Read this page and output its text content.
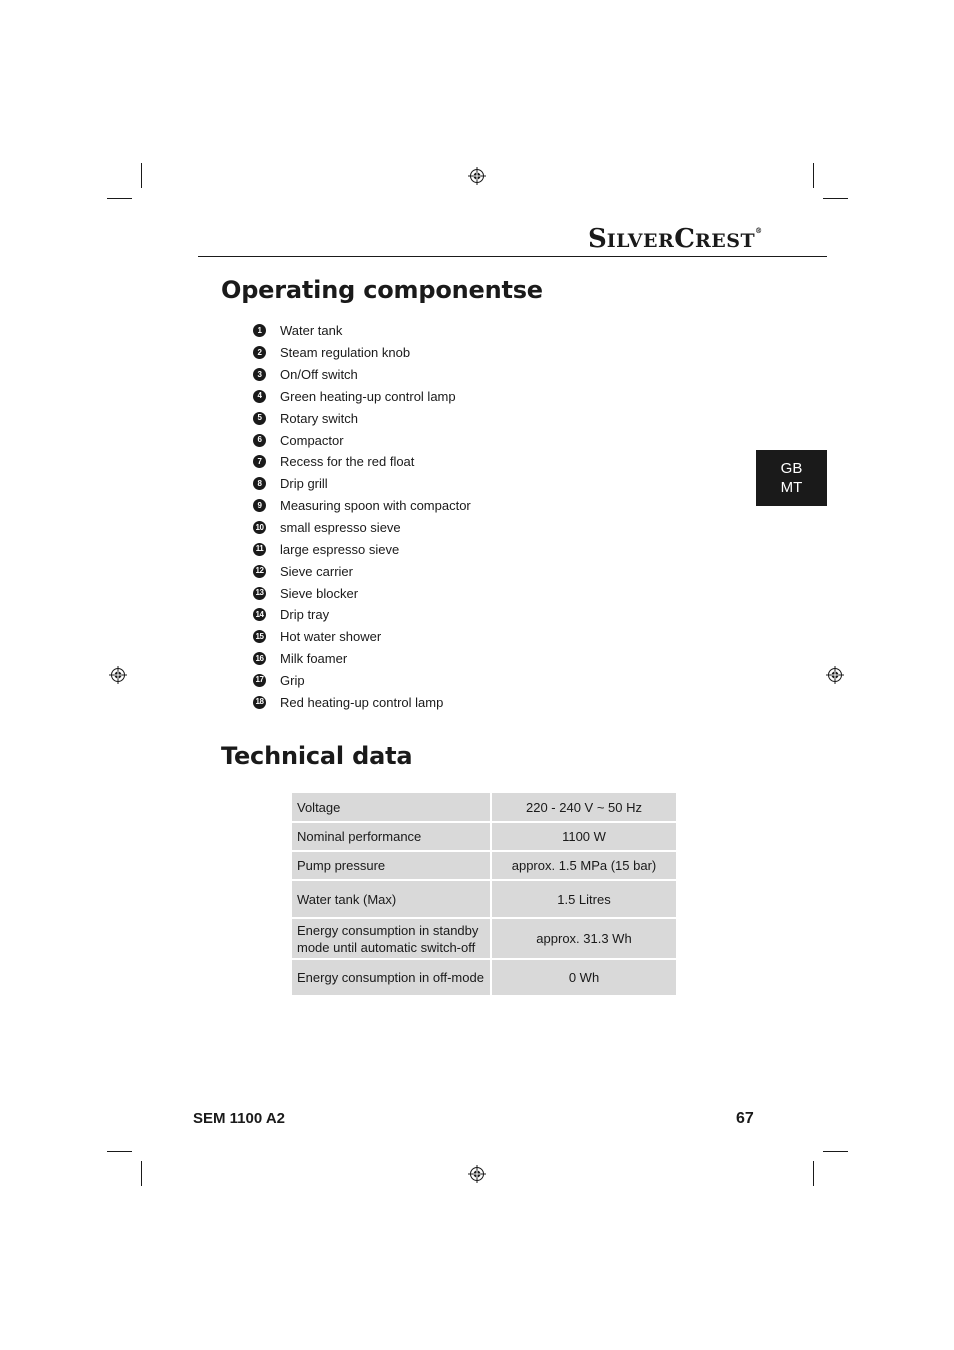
SILVERCREST®
GB
MT
Operating componentse
1	Water tank
2	Steam regulation knob
3	On/Off switch
4	Green heating-up control lamp
5	Rotary switch
6	Compactor
7	Recess for the red float
8	Drip grill
9	Measuring spoon with compactor
10 small espresso sieve
11 large espresso sieve
12 Sieve carrier
13 Sieve blocker
14 Drip tray
15 Hot water shower
16 Milk foamer
17 Grip
18 Red heating-up control lamp
Technical data
Voltage	220 - 240 V ~ 50 Hz

Nominal performance	1100 W

Pump pressure	approx. 1.5 MPa (15 bar)

Water tank (Max)	1.5 Litres

Energy consumption in standby
mode until automatic switch-off	approx. 31.3 Wh

Energy consumption in off-mode	0 Wh
SEM 1100 A2	67
